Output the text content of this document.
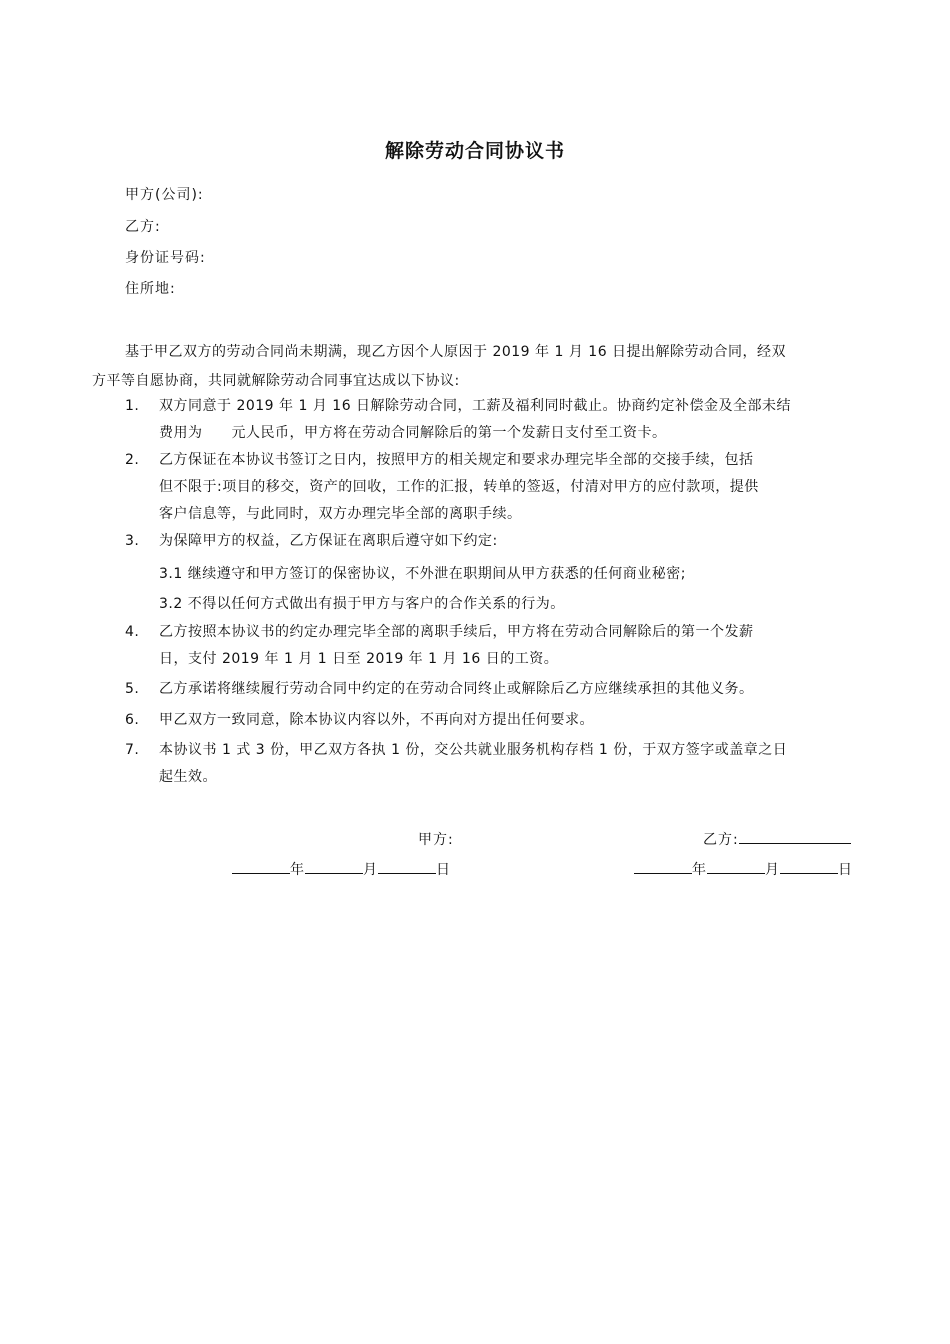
解除劳动合同协议书
甲方(公司):
乙方:
身份证号码:
住所地:
基于甲乙双方的劳动合同尚未期满，现乙方因个人原因于 2019 年 1 月 16 日提出解除劳动合同，经双
方平等自愿协商，共同就解除劳动合同事宜达成以下协议:
1. 双方同意于 2019 年 1 月 16 日解除劳动合同，工薪及福利同时截止。协商约定补偿金及全部未结
费用为　　元人民币，甲方将在劳动合同解除后的第一个发薪日支付至工资卡。
2. 乙方保证在本协议书签订之日内，按照甲方的相关规定和要求办理完毕全部的交接手续，包括
但不限于:项目的移交，资产的回收，工作的汇报，转单的签返，付清对甲方的应付款项，提供
客户信息等，与此同时，双方办理完毕全部的离职手续。
3. 为保障甲方的权益，乙方保证在离职后遵守如下约定:
3.1 继续遵守和甲方签订的保密协议，不外泄在职期间从甲方获悉的任何商业秘密;
3.2 不得以任何方式做出有损于甲方与客户的合作关系的行为。
4. 乙方按照本协议书的约定办理完毕全部的离职手续后，甲方将在劳动合同解除后的第一个发薪
日，支付 2019 年 1 月 1 日至 2019 年 1 月 16 日的工资。
5. 乙方承诺将继续履行劳动合同中约定的在劳动合同终止或解除后乙方应继续承担的其他义务。
6. 甲乙双方一致同意，除本协议内容以外，不再向对方提出任何要求。
7. 本协议书 1 式 3 份，甲乙双方各执 1 份，交公共就业服务机构存档 1 份，于双方签字或盖章之日
起生效。
甲方:	乙方:
年	月	日	年	月	日
